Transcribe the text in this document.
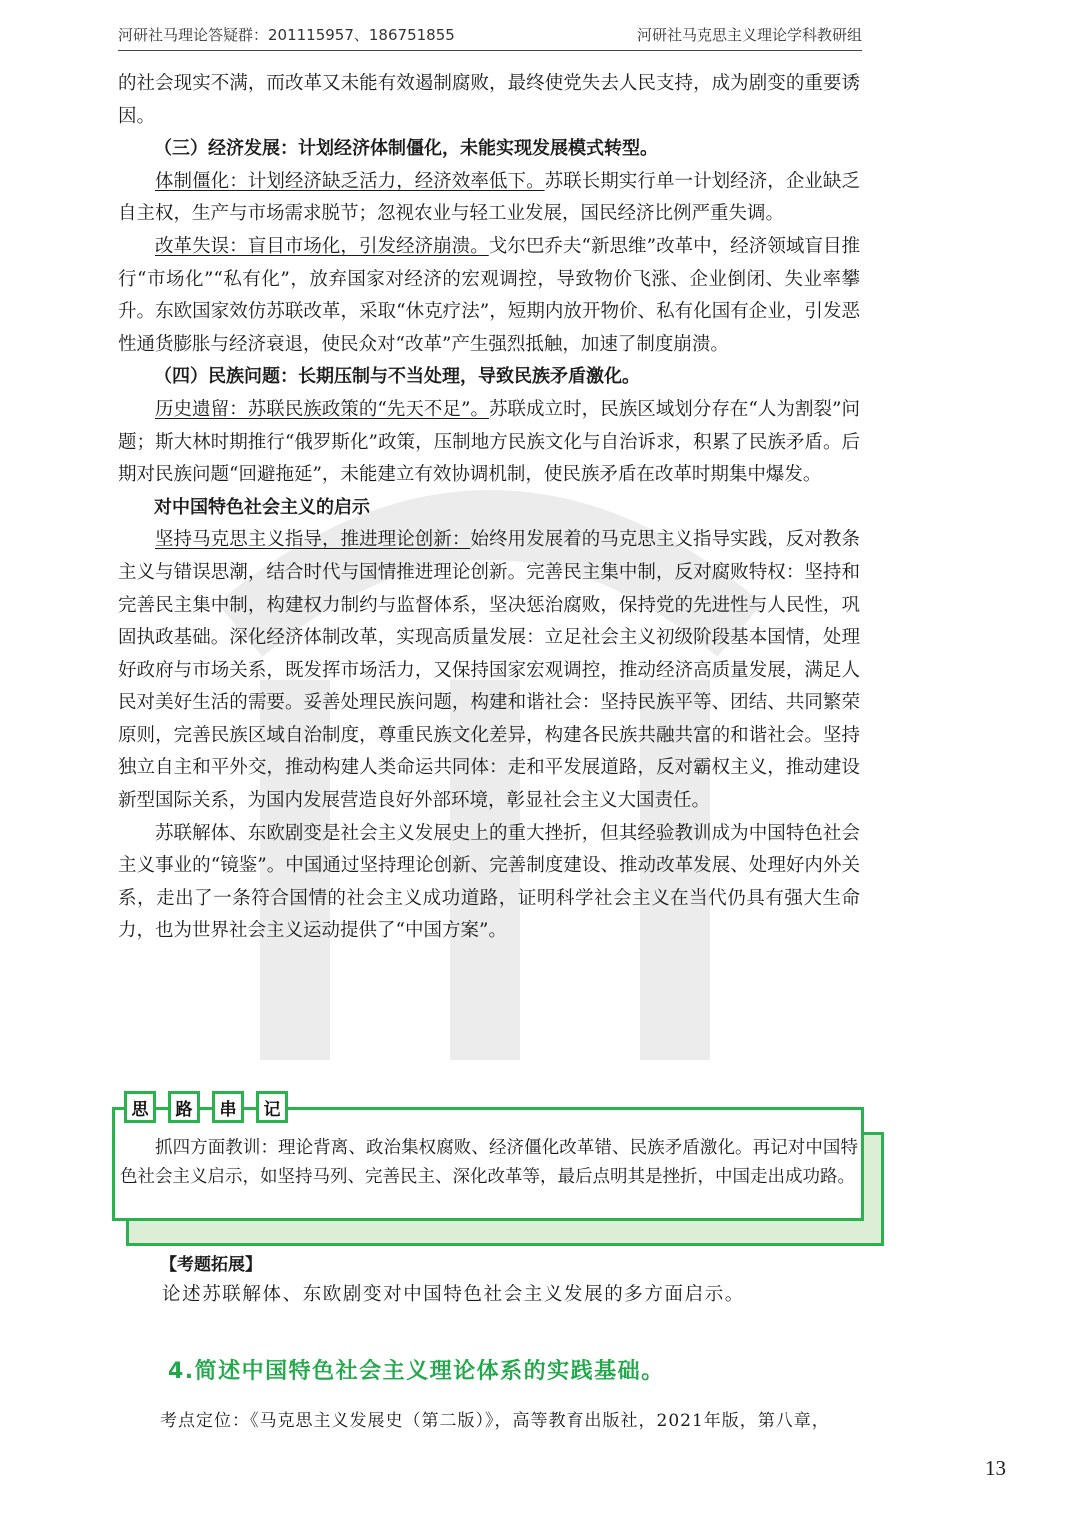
河研社马理论答疑群：201115957、186751855	河研社马克思主义理论学科教研组

的社会现实不满，而改革又未能有效遏制腐败，最终使党失去人民支持，成为剧变的重要诱因。

（三）经济发展：计划经济体制僵化，未能实现发展模式转型。

体制僵化：计划经济缺乏活力，经济效率低下。苏联长期实行单一计划经济，企业缺乏自主权，生产与市场需求脱节；忽视农业与轻工业发展，国民经济比例严重失调。

改革失误：盲目市场化，引发经济崩溃。戈尔巴乔夫“新思维”改革中，经济领域盲目推行“市场化”“私有化”，放弃国家对经济的宏观调控，导致物价飞涨、企业倒闭、失业率攀升。东欧国家效仿苏联改革，采取“休克疗法”，短期内放开物价、私有化国有企业，引发恶性通货膨胀与经济衰退，使民众对“改革”产生强烈抵触，加速了制度崩溃。

（四）民族问题：长期压制与不当处理，导致民族矛盾激化。

历史遗留：苏联民族政策的“先天不足”。苏联成立时，民族区域划分存在“人为割裂”问题；斯大林时期推行“俄罗斯化”政策，压制地方民族文化与自治诉求，积累了民族矛盾。后期对民族问题“回避拖延”，未能建立有效协调机制，使民族矛盾在改革时期集中爆发。

对中国特色社会主义的启示

坚持马克思主义指导，推进理论创新：始终用发展着的马克思主义指导实践，反对教条主义与错误思潮，结合时代与国情推进理论创新。完善民主集中制，反对腐败特权：坚持和完善民主集中制，构建权力制约与监督体系，坚决惩治腐败，保持党的先进性与人民性，巩固执政基础。深化经济体制改革，实现高质量发展：立足社会主义初级阶段基本国情，处理好政府与市场关系，既发挥市场活力，又保持国家宏观调控，推动经济高质量发展，满足人民对美好生活的需要。妥善处理民族问题，构建和谐社会：坚持民族平等、团结、共同繁荣原则，完善民族区域自治制度，尊重民族文化差异，构建各民族共融共富的和谐社会。坚持独立自主和平外交，推动构建人类命运共同体：走和平发展道路，反对霸权主义，推动建设新型国际关系，为国内发展营造良好外部环境，彰显社会主义大国责任。

苏联解体、东欧剧变是社会主义发展史上的重大挫折，但其经验教训成为中国特色社会主义事业的“镜鉴”。中国通过坚持理论创新、完善制度建设、推动改革发展、处理好内外关系，走出了一条符合国情的社会主义成功道路，证明科学社会主义在当代仍具有强大生命力，也为世界社会主义运动提供了“中国方案”。

思	路	串	记
抓四方面教训：理论背离、政治集权腐败、经济僵化改革错、民族矛盾激化。再记对中国特色社会主义启示，如坚持马列、完善民主、深化改革等，最后点明其是挫折，中国走出成功路。
【考题拓展】
论述苏联解体、东欧剧变对中国特色社会主义发展的多方面启示。
4.简述中国特色社会主义理论体系的实践基础。
考点定位：《马克思主义发展史（第二版）》，高等教育出版社，2021年版，第八章，
13
